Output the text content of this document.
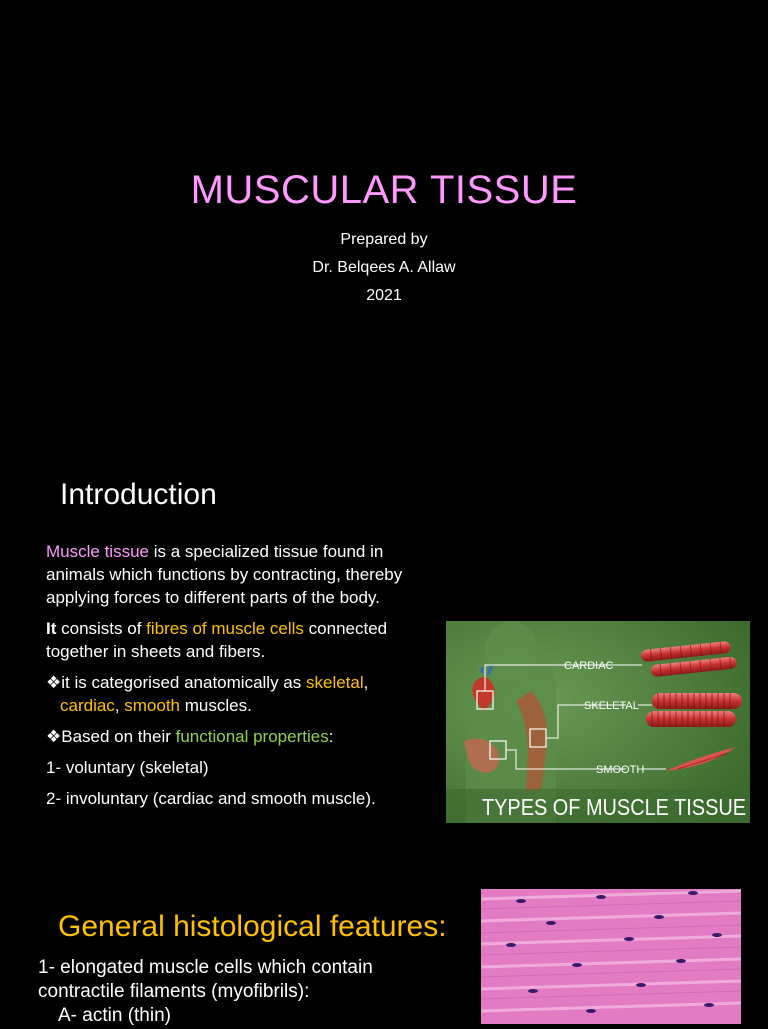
MUSCULAR TISSUE
Prepared by
Dr. Belqees A. Allaw
2021
Introduction

Muscle tissue is a specialized tissue found in animals which functions by contracting, thereby applying forces to different parts of the body.

It consists of fibres of muscle cells connected together in sheets and fibers.

❖it is categorised anatomically as skeletal,
cardiac, smooth muscles.

❖Based on their functional properties:

1- voluntary (skeletal)

2- involuntary (cardiac and smooth muscle).

CARDIAC
SKELETAL
SMOOTH
TYPES OF MUSCLE TISSUE
General histological features:

1- elongated muscle cells which contain contractile filaments (myofibrils):

A- actin (thin)
